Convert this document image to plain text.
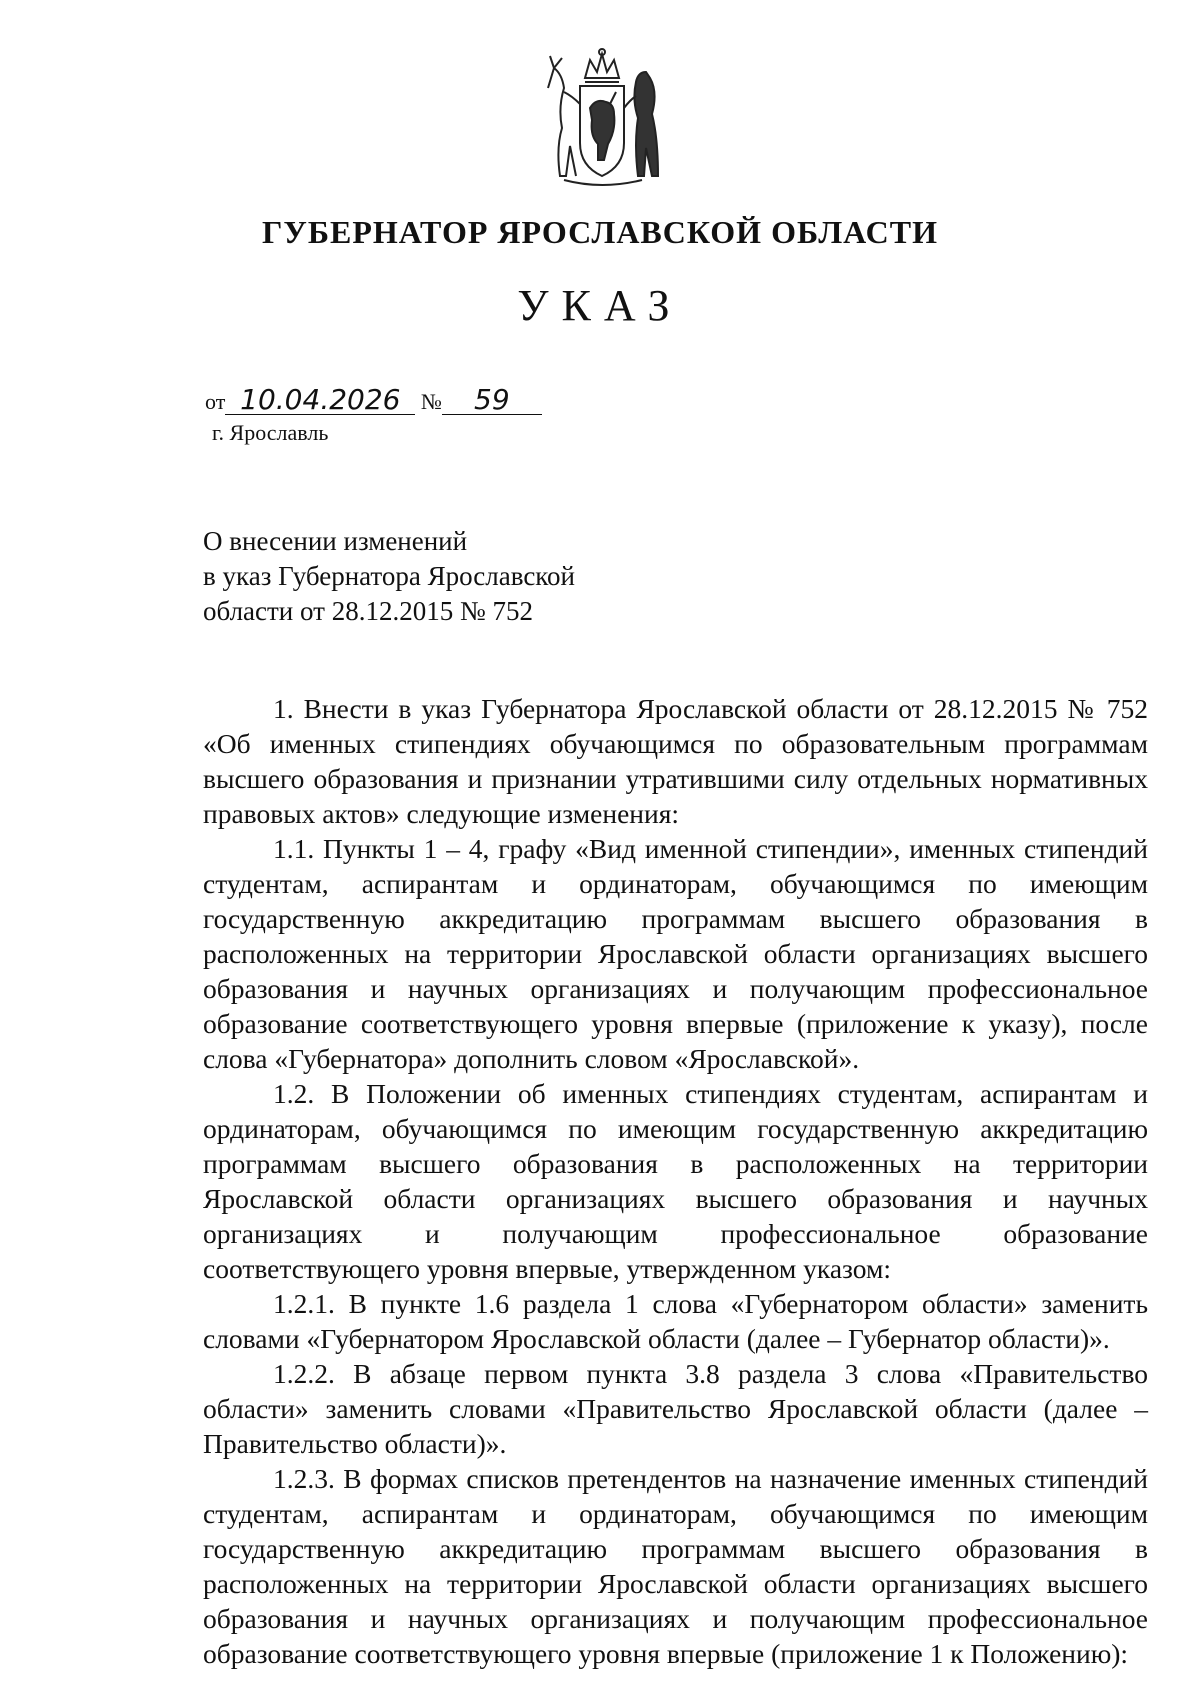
ГУБЕРНАТОР ЯРОСЛАВСКОЙ ОБЛАСТИ
УКАЗ
от 10.04.2026 № 59
г. Ярославль
О внесении изменений
в указ Губернатора Ярославской
области от 28.12.2015 № 752

1. Внести в указ Губернатора Ярославской области от 28.12.2015 № 752 «Об именных стипендиях обучающимся по образовательным программам высшего образования и признании утратившими силу отдельных нормативных правовых актов» следующие изменения:

1.1. Пункты 1 – 4, графу «Вид именной стипендии», именных стипендий студентам, аспирантам и ординаторам, обучающимся по имеющим государственную аккредитацию программам высшего образования в расположенных на территории Ярославской области организациях высшего образования и научных организациях и получающим профессиональное образование соответствующего уровня впервые (приложение к указу), после слова «Губернатора» дополнить словом «Ярославской».

1.2. В Положении об именных стипендиях студентам, аспирантам и ординаторам, обучающимся по имеющим государственную аккредитацию программам высшего образования в расположенных на территории Ярославской области организациях высшего образования и научных организациях и получающим профессиональное образование соответствующего уровня впервые, утвержденном указом:

1.2.1. В пункте 1.6 раздела 1 слова «Губернатором области» заменить словами «Губернатором Ярославской области (далее – Губернатор области)».

1.2.2. В абзаце первом пункта 3.8 раздела 3 слова «Правительство области» заменить словами «Правительство Ярославской области (далее – Правительство области)».

1.2.3. В формах списков претендентов на назначение именных стипендий студентам, аспирантам и ординаторам, обучающимся по имеющим государственную аккредитацию программам высшего образования в расположенных на территории Ярославской области организациях высшего образования и научных организациях и получающим профессиональное образование соответствующего уровня впервые (приложение 1 к Положению):
